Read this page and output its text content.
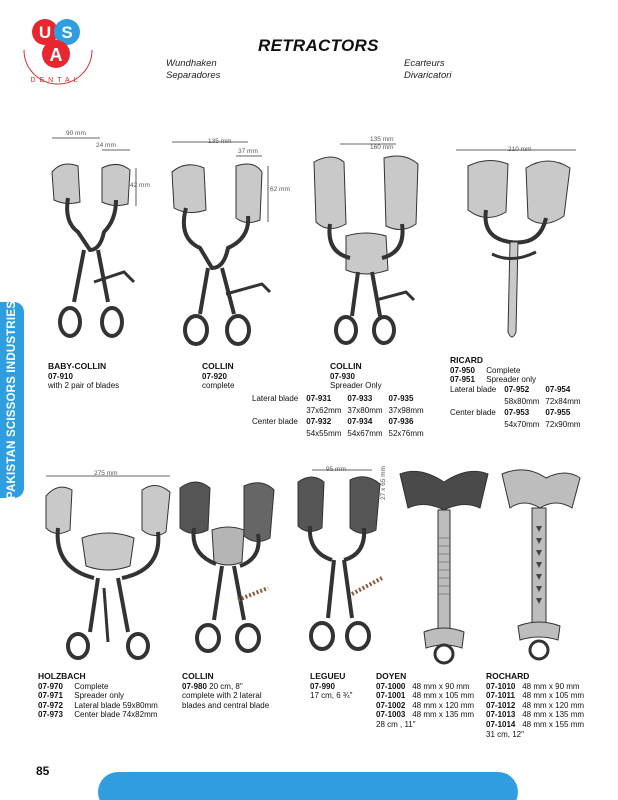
U S
A
DENTAL
RETRACTORS
Wundhaken
Separadores
Ecarteurs
Divaricatori
PAKISTAN SCISSORS INDUSTRIES
90 mm
24 mm
42 mm
135 mm
37 mm
62 mm
135 mm
160 mm	210 mm
BABY-COLLIN
07-910
with 2 pair of blades
COLLIN
07-920
complete
COLLIN
07-930
Spreader Only
Lateral blade	07-931	07-933	07-935
	37x62mm	37x80mm	37x98mm
Center blade	07-932	07-934	07-936
	54x55mm	54x67mm	52x76mm
RICARD
07-950 Complete
07-951 Spreader only
Lateral blade	07-952	07-954
	58x80mm	72x84mm
Center blade	07-953	07-955
	54x70mm	72x90mm
275 mm
95 mm	27 x 65 mm
HOLZBACH
07-970 Complete
07-971 Spreader only
07-972 Lateral blade 59x80mm
07-973 Center blade 74x82mm
COLLIN
07-980 20 cm, 8"
complete with 2 lateral
blades and central blade
LEGUEU
07-990
17 cm, 6 ¾"
DOYEN
07-1000 48 mm x 90 mm
07-1001 48 mm x 105 mm
07-1002 48 mm x 120 mm
07-1003 48 mm x 135 mm
28 cm , 11"
ROCHARD
07-1010 48 mm x 90 mm
07-1011 48 mm x 105 mm
07-1012 48 mm x 120 mm
07-1013 48 mm x 135 mm
07-1014 48 mm x 155 mm
31 cm, 12"
85
